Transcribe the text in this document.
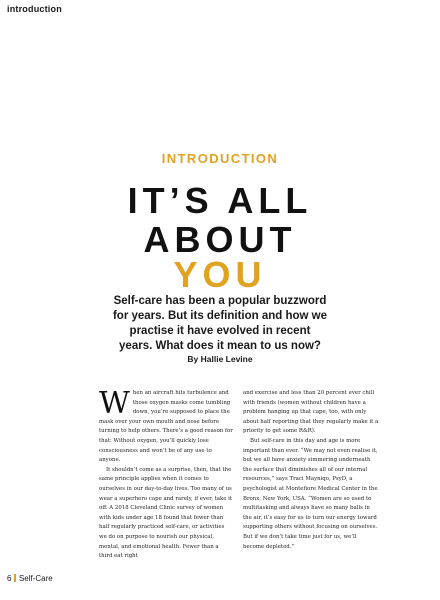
introduction
INTRODUCTION
IT’S ALL
ABOUT
YOU
Self-care has been a popular buzzword for years. But its definition and how we practise it have evolved in recent years. What does it mean to us now?
By Hallie Levine

When an aircraft hits turbulence and those oxygen masks come tumbling down, you’re supposed to place the mask over your own mouth and nose before turning to help others. There’s a good reason for that: Without oxygen, you’ll quickly lose consciousness and won’t be of any use to anyone.

It shouldn’t come as a surprise, then, that the same principle applies when it comes to ourselves in our day-to-day lives. Too many of us wear a superhero cape and rarely, if ever, take it off. A 2018 Cleveland Clinic survey of women with kids under age 18 found that fewer than half regularly practiced self-care, or activities we do on purpose to nourish our physical, mental, and emotional health. Fewer than a third eat right

and exercise and less than 20 percent ever chill with friends (women without children have a problem hanging up that cape, too, with only about half reporting that they regularly make it a priority to get some R&R).

But self-care in this day and age is more important than ever. “We may not even realise it, but we all have anxiety simmering underneath the surface that diminishes all of our internal resources,” says Traci Mayniqo, PsyD, a psychologist at Montefiore Medical Center in the Bronx, New York, USA. “Women are so used to multitasking and always have so many balls in the air, it’s easy for us to turn our energy toward supporting others without focusing on ourselves. But if we don’t take time just for us, we’ll become depleted.”

6 Self-Care
